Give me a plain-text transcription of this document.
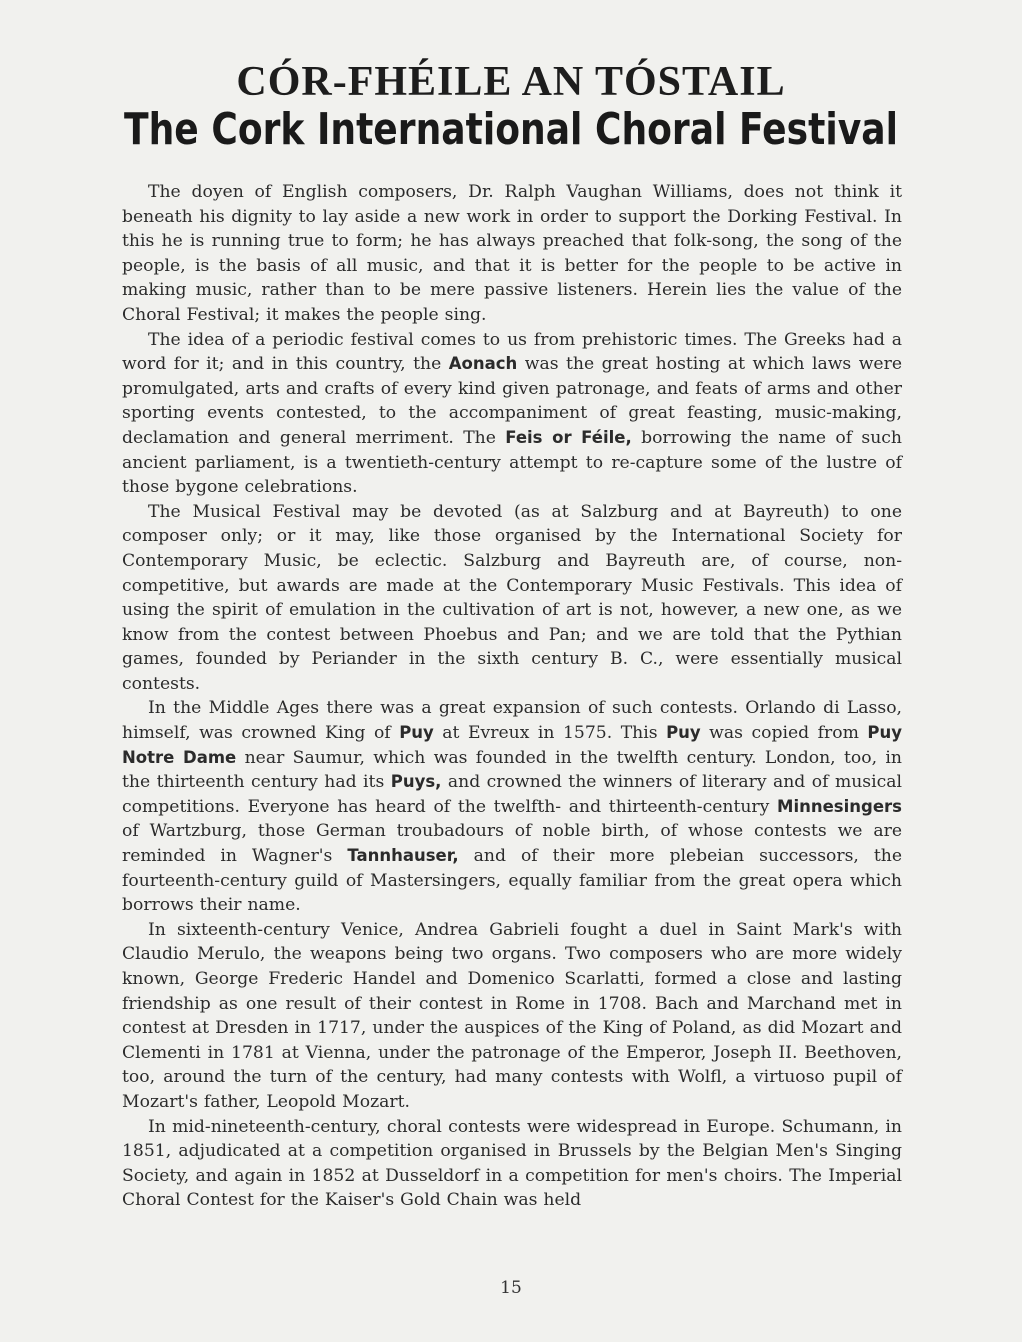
CÓR-FHÉILE AN TÓSTAIL
The Cork International Choral Festival

The doyen of English composers, Dr. Ralph Vaughan Williams, does not think it beneath his dignity to lay aside a new work in order to support the Dorking Festival. In this he is running true to form; he has always preached that folk-song, the song of the people, is the basis of all music, and that it is better for the people to be active in making music, rather than to be mere passive listeners. Herein lies the value of the Choral Festival; it makes the people sing.

The idea of a periodic festival comes to us from prehistoric times. The Greeks had a word for it; and in this country, the Aonach was the great hosting at which laws were promulgated, arts and crafts of every kind given patronage, and feats of arms and other sporting events contested, to the accompaniment of great feasting, music-making, declamation and general merriment. The Feis or Féile, borrowing the name of such ancient parliament, is a twentieth-century attempt to re-capture some of the lustre of those bygone celebrations.

The Musical Festival may be devoted (as at Salzburg and at Bayreuth) to one composer only; or it may, like those organised by the International Society for Contemporary Music, be eclectic. Salzburg and Bayreuth are, of course, non-competitive, but awards are made at the Contemporary Music Festivals. This idea of using the spirit of emulation in the cultivation of art is not, however, a new one, as we know from the contest between Phoebus and Pan; and we are told that the Pythian games, founded by Periander in the sixth century B. C., were essentially musical contests.

In the Middle Ages there was a great expansion of such contests. Orlando di Lasso, himself, was crowned King of Puy at Evreux in 1575. This Puy was copied from Puy Notre Dame near Saumur, which was founded in the twelfth century. London, too, in the thirteenth century had its Puys, and crowned the winners of literary and of musical competitions. Everyone has heard of the twelfth- and thirteenth-century Minnesingers of Wartzburg, those German troubadours of noble birth, of whose contests we are reminded in Wagner's Tannhauser, and of their more plebeian successors, the fourteenth-century guild of Mastersingers, equally familiar from the great opera which borrows their name.

In sixteenth-century Venice, Andrea Gabrieli fought a duel in Saint Mark's with Claudio Merulo, the weapons being two organs. Two composers who are more widely known, George Frederic Handel and Domenico Scarlatti, formed a close and lasting friendship as one result of their contest in Rome in 1708. Bach and Marchand met in contest at Dresden in 1717, under the auspices of the King of Poland, as did Mozart and Clementi in 1781 at Vienna, under the patronage of the Emperor, Joseph II. Beethoven, too, around the turn of the century, had many contests with Wolfl, a virtuoso pupil of Mozart's father, Leopold Mozart.

In mid-nineteenth-century, choral contests were widespread in Europe. Schumann, in 1851, adjudicated at a competition organised in Brussels by the Belgian Men's Singing Society, and again in 1852 at Dusseldorf in a competition for men's choirs. The Imperial Choral Contest for the Kaiser's Gold Chain was held

15
